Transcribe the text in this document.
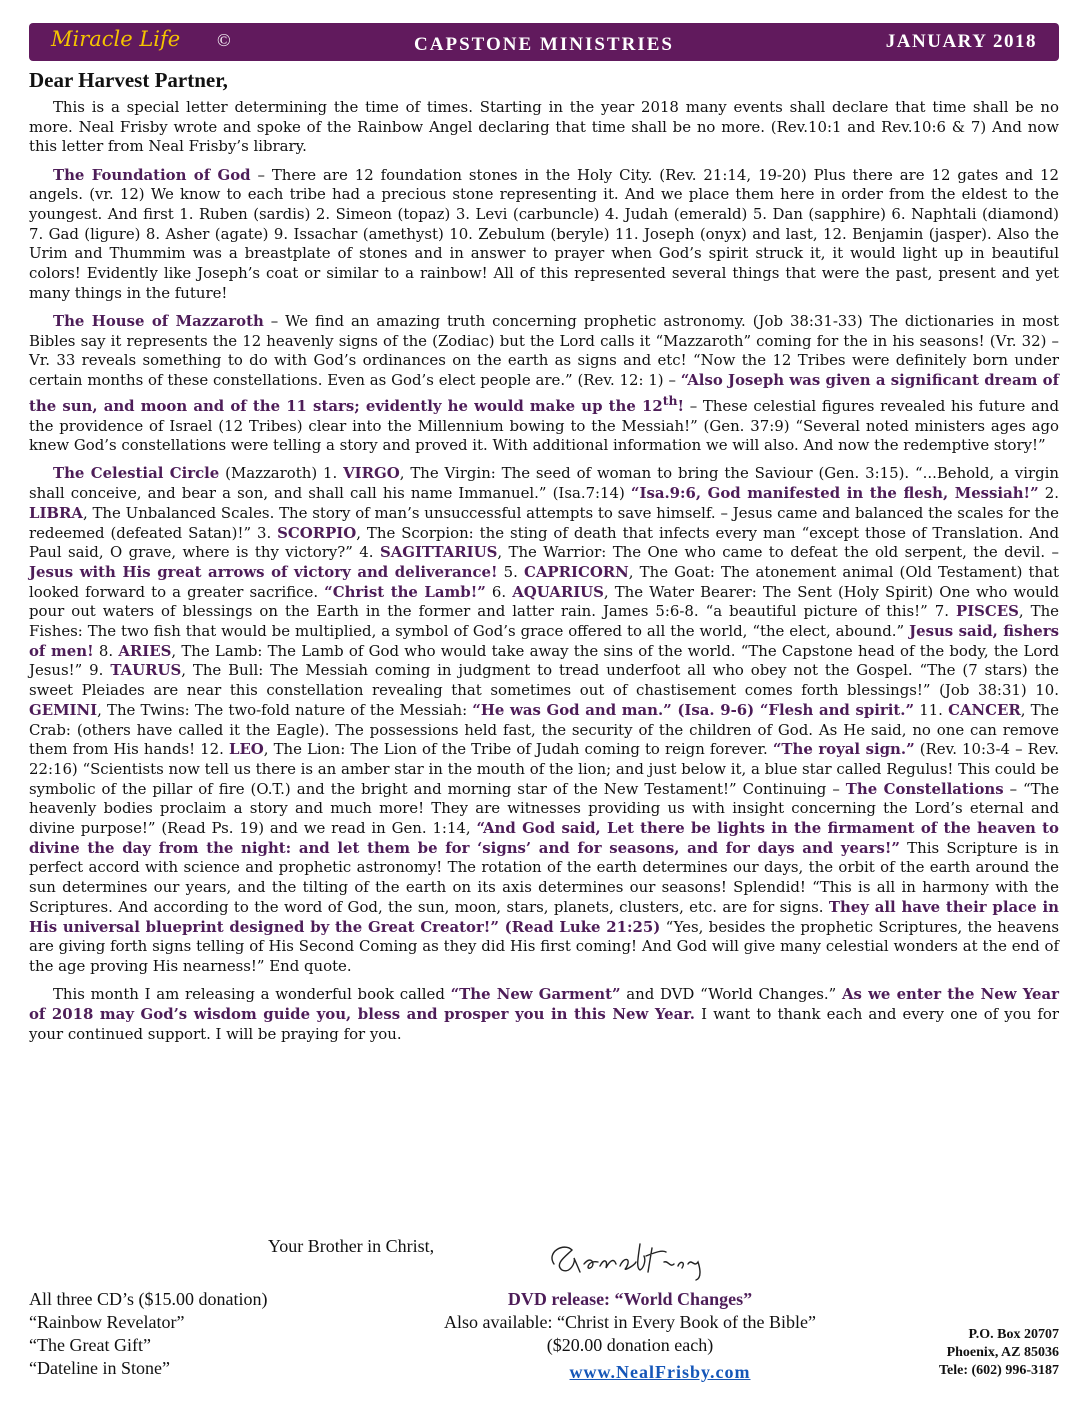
Miracle Life ©	CAPSTONE MINISTRIES	JANUARY 2018
Dear Harvest Partner,

This is a special letter determining the time of times. Starting in the year 2018 many events shall declare that time shall be no more. Neal Frisby wrote and spoke of the Rainbow Angel declaring that time shall be no more. (Rev.10:1 and Rev.10:6 & 7) And now this letter from Neal Frisby’s library.

The Foundation of God – There are 12 foundation stones in the Holy City. (Rev. 21:14, 19-20) Plus there are 12 gates and 12 angels. (vr. 12) We know to each tribe had a precious stone representing it. And we place them here in order from the eldest to the youngest. And first 1. Ruben (sardis) 2. Simeon (topaz) 3. Levi (carbuncle) 4. Judah (emerald) 5. Dan (sapphire) 6. Naphtali (diamond) 7. Gad (ligure) 8. Asher (agate) 9. Issachar (amethyst) 10. Zebulum (beryle) 11. Joseph (onyx) and last, 12. Benjamin (jasper). Also the Urim and Thummim was a breastplate of stones and in answer to prayer when God’s spirit struck it, it would light up in beautiful colors! Evidently like Joseph’s coat or similar to a rainbow! All of this represented several things that were the past, present and yet many things in the future!

The House of Mazzaroth – We find an amazing truth concerning prophetic astronomy. (Job 38:31-33) The dictionaries in most Bibles say it represents the 12 heavenly signs of the (Zodiac) but the Lord calls it “Mazzaroth” coming for the in his seasons! (Vr. 32) – Vr. 33 reveals something to do with God’s ordinances on the earth as signs and etc! “Now the 12 Tribes were definitely born under certain months of these constellations. Even as God’s elect people are.” (Rev. 12: 1) – “Also Joseph was given a significant dream of the sun, and moon and of the 11 stars; evidently he would make up the 12th! – These celestial figures revealed his future and the providence of Israel (12 Tribes) clear into the Millennium bowing to the Messiah!” (Gen. 37:9) “Several noted ministers ages ago knew God’s constellations were telling a story and proved it. With additional information we will also. And now the redemptive story!”

The Celestial Circle (Mazzaroth) 1. VIRGO, The Virgin: The seed of woman to bring the Saviour (Gen. 3:15). “...Behold, a virgin shall conceive, and bear a son, and shall call his name Immanuel.” (Isa.7:14) “Isa.9:6, God manifested in the flesh, Messiah!” 2. LIBRA, The Unbalanced Scales. The story of man’s unsuccessful attempts to save himself. – Jesus came and balanced the scales for the redeemed (defeated Satan)!” 3. SCORPIO, The Scorpion: the sting of death that infects every man “except those of Translation. And Paul said, O grave, where is thy victory?” 4. SAGITTARIUS, The Warrior: The One who came to defeat the old serpent, the devil. – Jesus with His great arrows of victory and deliverance! 5. CAPRICORN, The Goat: The atonement animal (Old Testament) that looked forward to a greater sacrifice. “Christ the Lamb!” 6. AQUARIUS, The Water Bearer: The Sent (Holy Spirit) One who would pour out waters of blessings on the Earth in the former and latter rain. James 5:6-8. “a beautiful picture of this!” 7. PISCES, The Fishes: The two fish that would be multiplied, a symbol of God’s grace offered to all the world, “the elect, abound.” Jesus said, fishers of men! 8. ARIES, The Lamb: The Lamb of God who would take away the sins of the world. “The Capstone head of the body, the Lord Jesus!” 9. TAURUS, The Bull: The Messiah coming in judgment to tread underfoot all who obey not the Gospel. “The (7 stars) the sweet Pleiades are near this constellation revealing that sometimes out of chastisement comes forth blessings!” (Job 38:31) 10. GEMINI, The Twins: The two-fold nature of the Messiah: “He was God and man.” (Isa. 9-6) “Flesh and spirit.” 11. CANCER, The Crab: (others have called it the Eagle). The possessions held fast, the security of the children of God. As He said, no one can remove them from His hands! 12. LEO, The Lion: The Lion of the Tribe of Judah coming to reign forever. “The royal sign.” (Rev. 10:3-4 – Rev. 22:16) “Scientists now tell us there is an amber star in the mouth of the lion; and just below it, a blue star called Regulus! This could be symbolic of the pillar of fire (O.T.) and the bright and morning star of the New Testament!” Continuing – The Constellations – “The heavenly bodies proclaim a story and much more! They are witnesses providing us with insight concerning the Lord’s eternal and divine purpose!” (Read Ps. 19) and we read in Gen. 1:14, “And God said, Let there be lights in the firmament of the heaven to divine the day from the night: and let them be for ‘signs’ and for seasons, and for days and years!” This Scripture is in perfect accord with science and prophetic astronomy! The rotation of the earth determines our days, the orbit of the earth around the sun determines our years, and the tilting of the earth on its axis determines our seasons! Splendid! “This is all in harmony with the Scriptures. And according to the word of God, the sun, moon, stars, planets, clusters, etc. are for signs. They all have their place in His universal blueprint designed by the Great Creator!” (Read Luke 21:25) “Yes, besides the prophetic Scriptures, the heavens are giving forth signs telling of His Second Coming as they did His first coming! And God will give many celestial wonders at the end of the age proving His nearness!” End quote.

This month I am releasing a wonderful book called “The New Garment” and DVD “World Changes.” As we enter the New Year of 2018 may God’s wisdom guide you, bless and prosper you in this New Year. I want to thank each and every one of you for your continued support. I will be praying for you.

Your Brother in Christ,
All three CD’s ($15.00 donation)
“Rainbow Revelator”
“The Great Gift”
“Dateline in Stone”
DVD release: “World Changes”
Also available: “Christ in Every Book of the Bible”
($20.00 donation each)
www.NealFrisby.com
P.O. Box 20707
Phoenix, AZ 85036
Tele: (602) 996-3187
